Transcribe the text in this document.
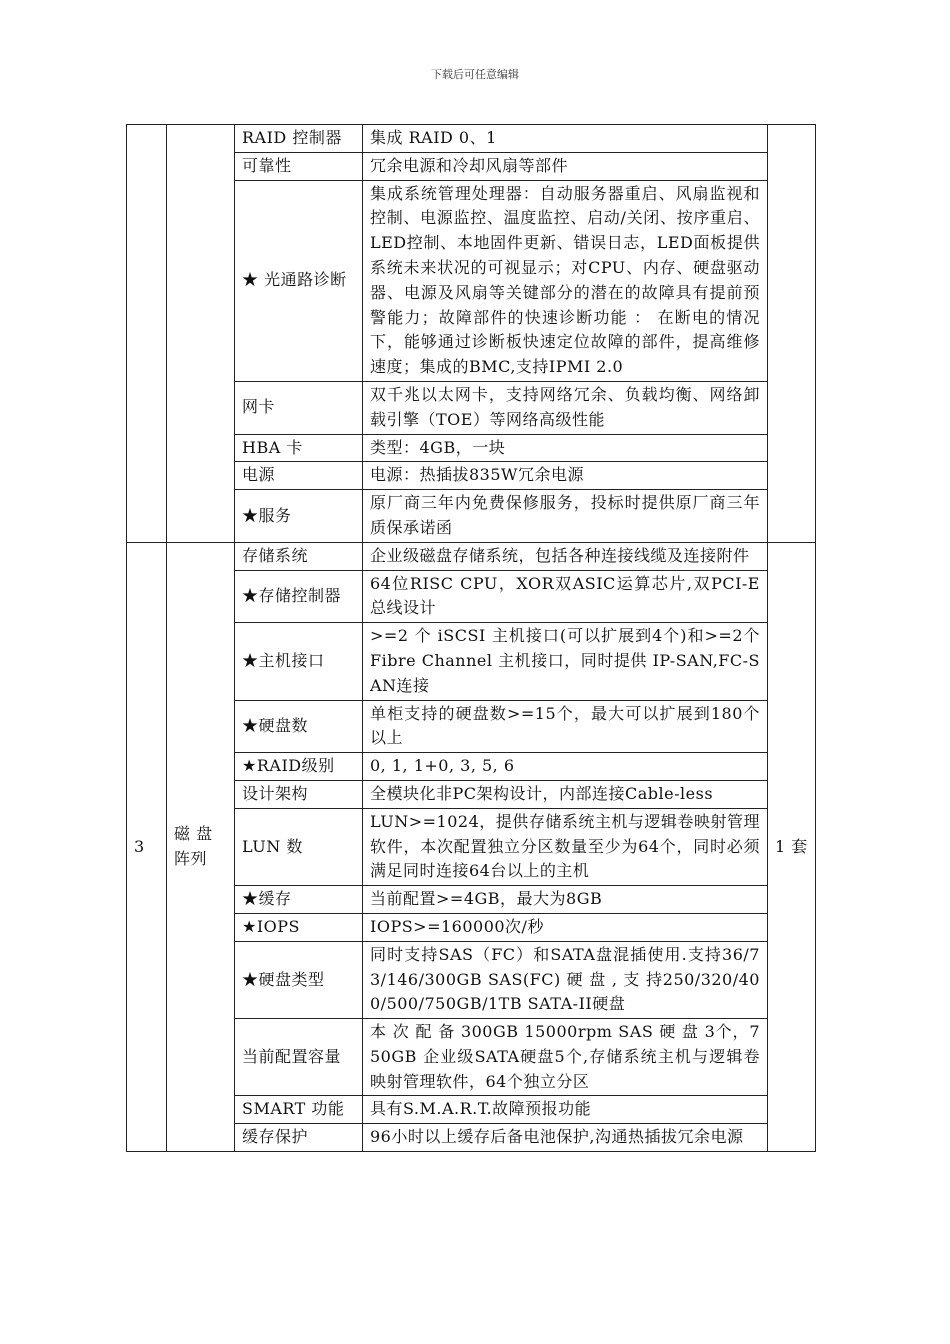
下载后可任意编辑
		RAID 控制器	集成 RAID 0、1	
		可靠性	冗余电源和冷却风扇等部件	
		★ 光通路诊断	集成系统管理处理器：自动服务器重启、风扇监视和控制、电源监控、温度监控、启动/关闭、按序重启、LED控制、本地固件更新、错误日志，LED面板提供系统未来状况的可视显示；对CPU、内存、硬盘驱动器、电源及风扇等关键部分的潜在的故障具有提前预警能力；故障部件的快速诊断功能 ： 在断电的情况下，能够通过诊断板快速定位故障的部件，提高维修速度；集成的BMC,支持IPMI 2.0	
		网卡	双千兆以太网卡，支持网络冗余、负载均衡、网络卸载引擎（TOE）等网络高级性能	
		HBA 卡	类型：4GB，一块	
		电源	电源：热插拔835W冗余电源	
		★服务	原厂商三年内免费保修服务，投标时提供原厂商三年质保承诺函	
3	磁 盘阵列	存储系统	企业级磁盘存储系统，包括各种连接线缆及连接附件	1 套
		★存储控制器	64位RISC CPU，XOR双ASIC运算芯片,双PCI-E总线设计	
		★主机接口	>=2 个 iSCSI 主机接口(可以扩展到4个)和>=2个 Fibre Channel 主机接口，同时提供 IP-SAN,FC-SAN连接	
		★硬盘数	单柜支持的硬盘数>=15个，最大可以扩展到180个以上	
		★RAID级别	0, 1, 1+0, 3, 5, 6	
		设计架构	全模块化非PC架构设计，内部连接Cable-less	
		LUN 数	LUN>=1024，提供存储系统主机与逻辑卷映射管理软件，本次配置独立分区数量至少为64个，同时必须满足同时连接64台以上的主机	
		★缓存	当前配置>=4GB，最大为8GB	
		★IOPS	IOPS>=160000次/秒	
		★硬盘类型	同时支持SAS（FC）和SATA盘混插使用.支持36/73/146/300GB SAS(FC) 硬 盘 , 支 持250/320/400/500/750GB/1TB SATA-II硬盘	
		当前配置容量	本 次 配 备 300GB 15000rpm SAS 硬 盘 3个，750GB 企业级SATA硬盘5个,存储系统主机与逻辑卷映射管理软件，64个独立分区	
		SMART 功能	具有S.M.A.R.T.故障预报功能	
		缓存保护	96小时以上缓存后备电池保护,沟通热插拔冗余电源	
